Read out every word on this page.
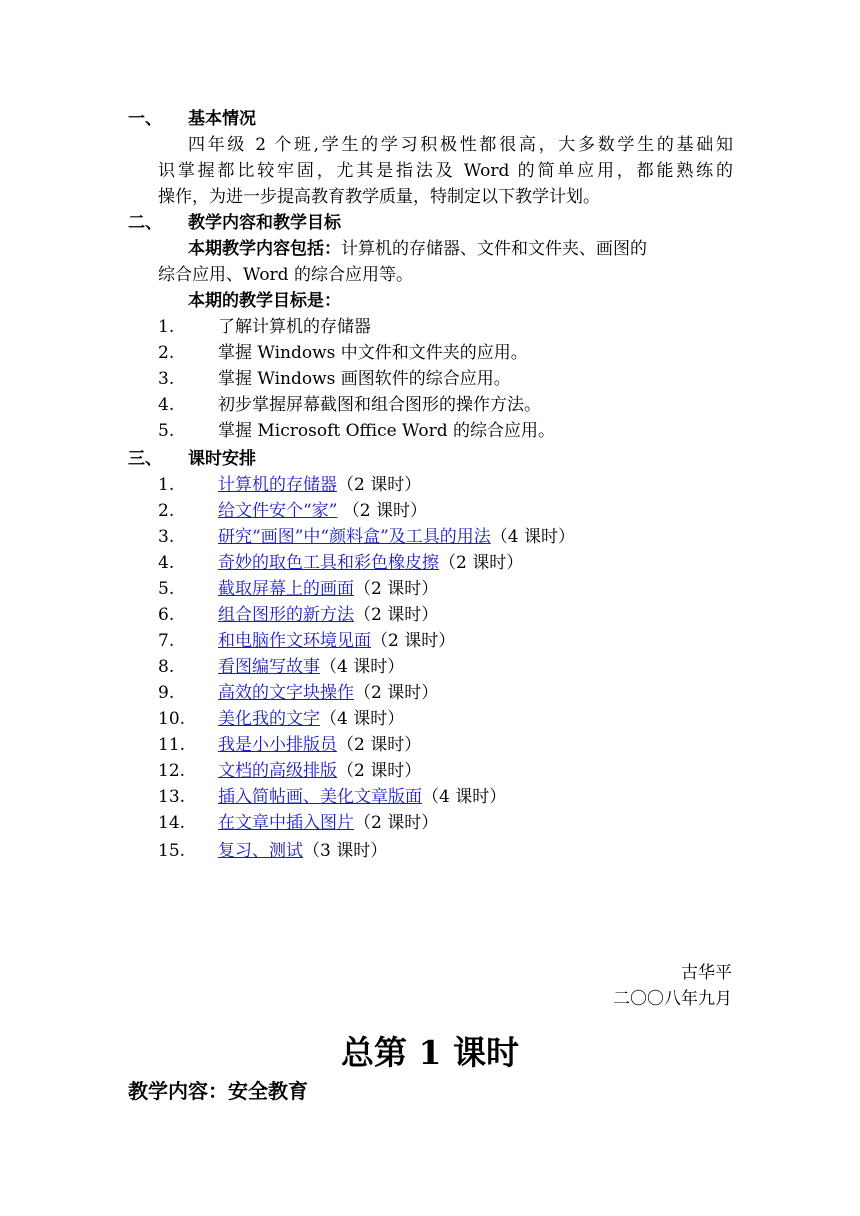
一、 基本情况
四年级 2 个班,学生的学习积极性都很高，大多数学生的基础知
识掌握都比较牢固，尤其是指法及 Word 的简单应用，都能熟练的
操作，为进一步提高教育教学质量，特制定以下教学计划。
二、 教学内容和教学目标
本期教学内容包括：计算机的存储器、文件和文件夹、画图的
综合应用、Word 的综合应用等。
本期的教学目标是：
1.	了解计算机的存储器
2.	掌握 Windows 中文件和文件夹的应用。
3.	掌握 Windows 画图软件的综合应用。
4.	初步掌握屏幕截图和组合图形的操作方法。
5.	掌握 Microsoft Office Word 的综合应用。
三、 课时安排
1.	计算机的存储器（2 课时）
2.	给文件安个“家” （2 课时）
3.	研究“画图”中“颜料盒”及工具的用法（4 课时）
4.	奇妙的取色工具和彩色橡皮擦（2 课时）
5.	截取屏幕上的画面（2 课时）
6.	组合图形的新方法（2 课时）
7.	和电脑作文环境见面（2 课时）
8.	看图编写故事（4 课时）
9.	高效的文字块操作（2 课时）
10. 美化我的文字（4 课时）
11. 我是小小排版员（2 课时）
12. 文档的高级排版（2 课时）
13. 插入简帖画、美化文章版面（4 课时）
14. 在文章中插入图片（2 课时）
15. 复习、测试（3 课时）
古华平
二〇〇八年九月
总第 1 课时
教学内容：安全教育
